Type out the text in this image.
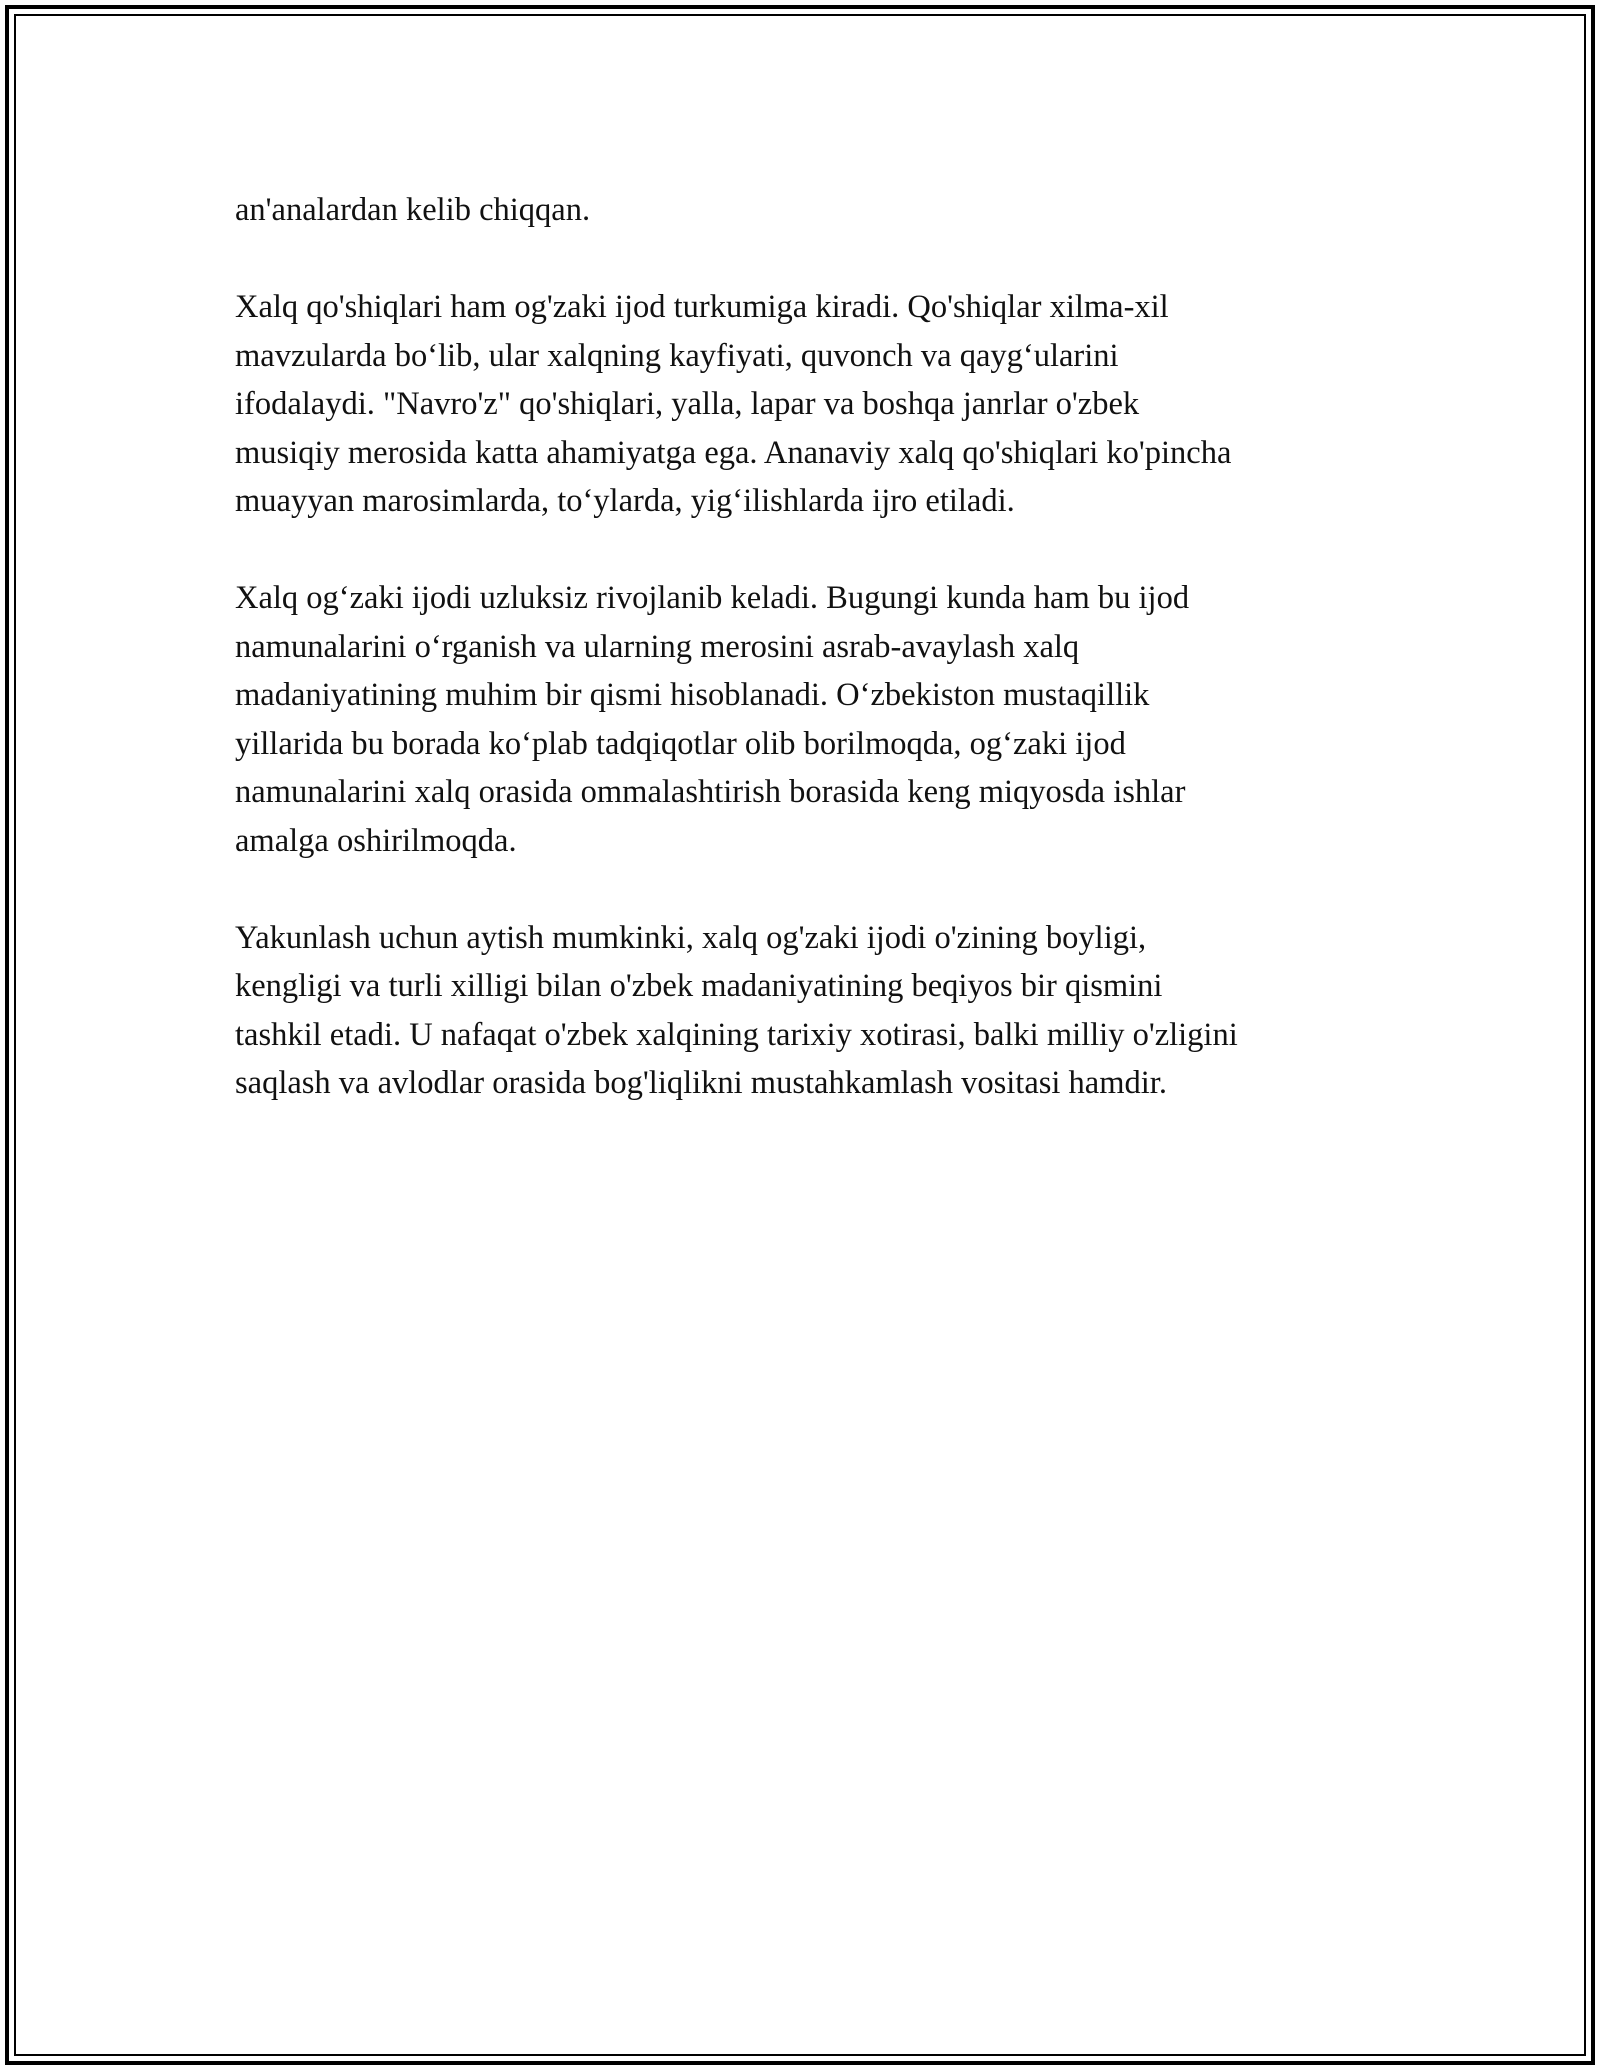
an'analardan kelib chiqqan.

Xalq qo'shiqlari ham og'zaki ijod turkumiga kiradi. Qo'shiqlar xilma-xil
mavzularda bo‘lib, ular xalqning kayfiyati, quvonch va qayg‘ularini
ifodalaydi. "Navro'z" qo'shiqlari, yalla, lapar va boshqa janrlar o'zbek
musiqiy merosida katta ahamiyatga ega. Ananaviy xalq qo'shiqlari ko'pincha
muayyan marosimlarda, to‘ylarda, yig‘ilishlarda ijro etiladi.

Xalq og‘zaki ijodi uzluksiz rivojlanib keladi. Bugungi kunda ham bu ijod
namunalarini o‘rganish va ularning merosini asrab-avaylash xalq
madaniyatining muhim bir qismi hisoblanadi. O‘zbekiston mustaqillik
yillarida bu borada ko‘plab tadqiqotlar olib borilmoqda, og‘zaki ijod
namunalarini xalq orasida ommalashtirish borasida keng miqyosda ishlar
amalga oshirilmoqda.

Yakunlash uchun aytish mumkinki, xalq og'zaki ijodi o'zining boyligi,
kengligi va turli xilligi bilan o'zbek madaniyatining beqiyos bir qismini
tashkil etadi. U nafaqat o'zbek xalqining tarixiy xotirasi, balki milliy o'zligini
saqlash va avlodlar orasida bog'liqlikni mustahkamlash vositasi hamdir.
